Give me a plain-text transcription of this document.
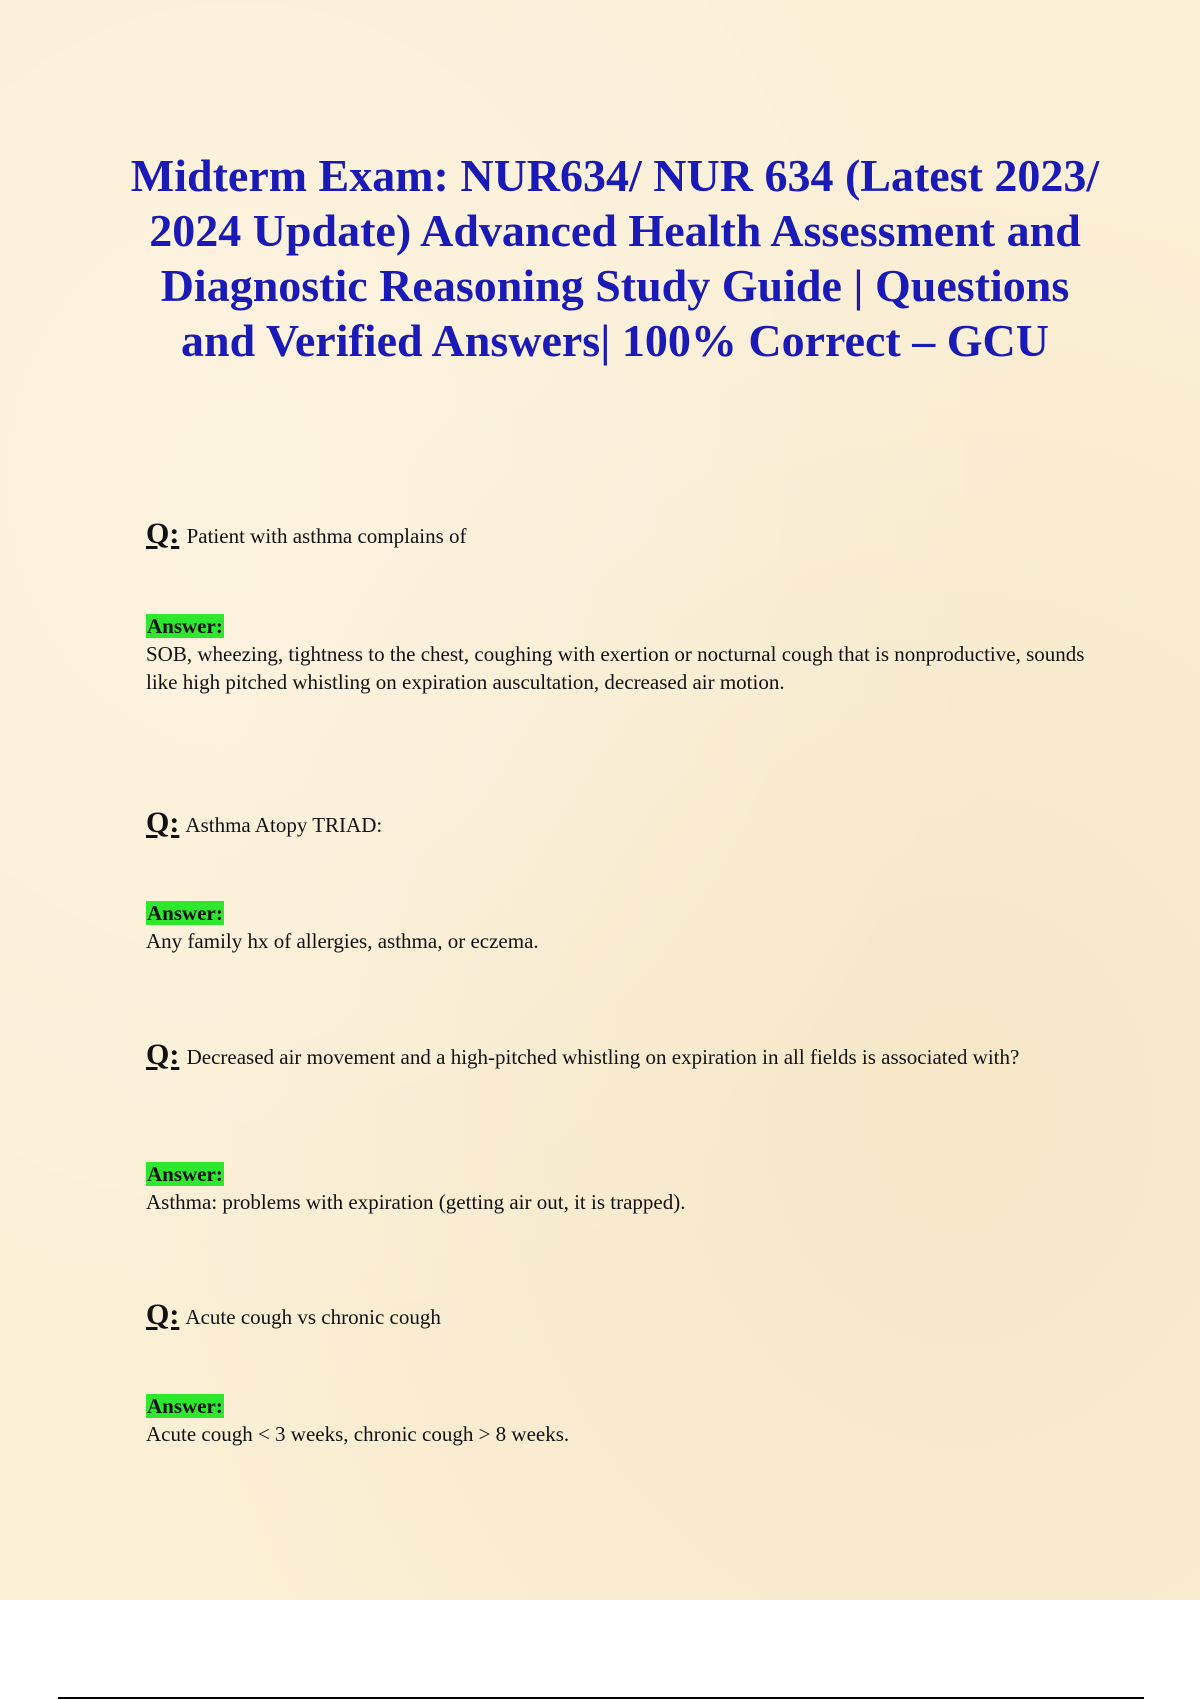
Midterm Exam: NUR634/ NUR 634 (Latest 2023/ 2024 Update) Advanced Health Assessment and Diagnostic Reasoning Study Guide | Questions and Verified Answers| 100% Correct – GCU

Q: Patient with asthma complains of

Answer:

SOB, wheezing, tightness to the chest, coughing with exertion or nocturnal cough that is nonproductive, sounds like high pitched whistling on expiration auscultation, decreased air motion.

Q: Asthma Atopy TRIAD:

Answer:

Any family hx of allergies, asthma, or eczema.

Q: Decreased air movement and a high-pitched whistling on expiration in all fields is associated with?

Answer:

Asthma: problems with expiration (getting air out, it is trapped).

Q: Acute cough vs chronic cough

Answer:

Acute cough < 3 weeks, chronic cough > 8 weeks.
